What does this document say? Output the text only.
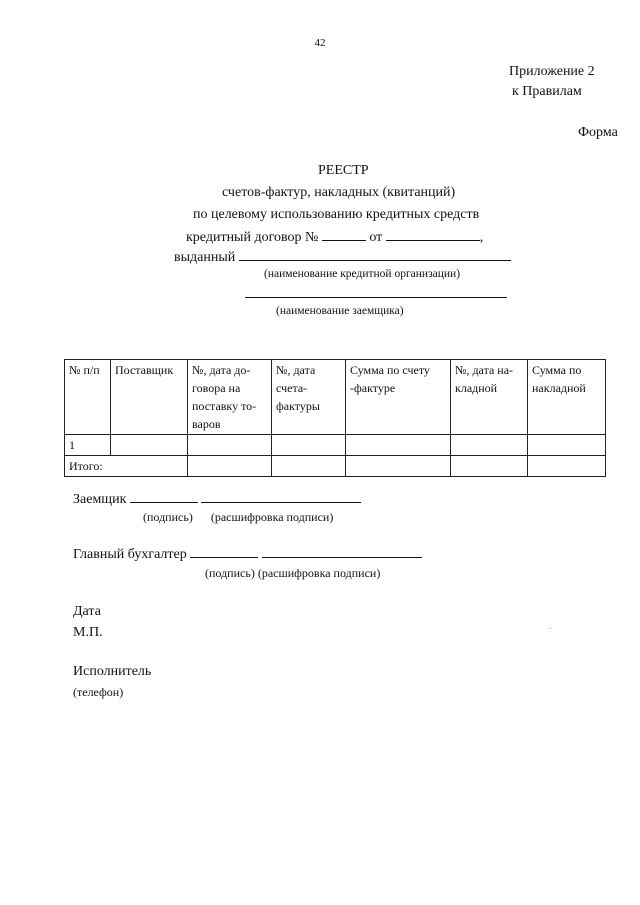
42
Приложение 2
к Правилам
Форма
РЕЕСТР
счетов-фактур, накладных (квитанций)
по целевому использованию кредитных средств
кредитный договор №	от	,
выданный
(наименование кредитной организации)
(наименование заемщика)
№ п/п	Поставщик	№, дата до-говора на поставку то-варов	№, дата счета-фактуры	Сумма по счету -фактуре	№, дата на-кладной	Сумма по накладной
1						
Итого:						
Заемщик
(подпись)      (расшифровка подписи)
Главный бухгалтер
(подпись) (расшифровка подписи)
Дата
М.П.
Исполнитель
(телефон)
